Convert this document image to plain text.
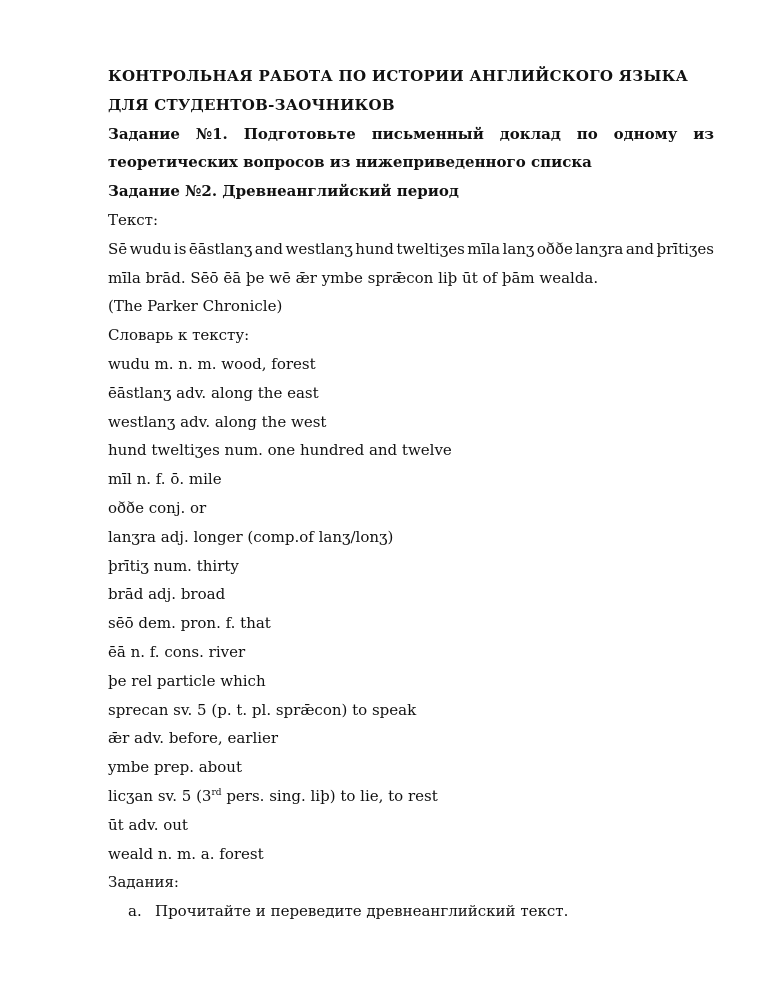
КОНТРОЛЬНАЯ РАБОТА ПО ИСТОРИИ АНГЛИЙСКОГО ЯЗЫКА
ДЛЯ СТУДЕНТОВ-ЗАОЧНИКОВ
Задание №1. Подготовьте письменный доклад по одному из
теоретических вопросов из нижеприведенного списка
Задание №2. Древнеанглийский период
Текст:
Sē wudu is ēāstlanʒ and westlanʒ hund tweltiʒes mīla lanʒ oððe lanʒra and þrītiʒes
mīla brād. Sēō ēā þe wē ǣr ymbe sprǣcon liþ ūt of þām wealda.
(The Parker Chronicle)
Словарь к тексту:
wudu m. n. m. wood, forest
ēāstlanʒ adv. along the east
westlanʒ adv. along the west
hund tweltiʒes num. one hundred and twelve
mīl n. f. ō. mile
oððe conj. or
lanʒra adj. longer (comp.of lanʒ/lonʒ)
þrītiʒ num. thirty
brād adj. broad
sēō dem. pron. f. that
ēā n. f. cons. river
þe rel particle which
sprecan sv. 5 (p. t. pl. sprǣcon) to speak
ǣr adv. before, earlier
ymbe prep. about
licʒan sv. 5 (3rd pers. sing. liþ) to lie, to rest
ūt adv. out
weald n. m. a. forest
Задания:
a. Прочитайте и переведите древнеанглийский текст.
